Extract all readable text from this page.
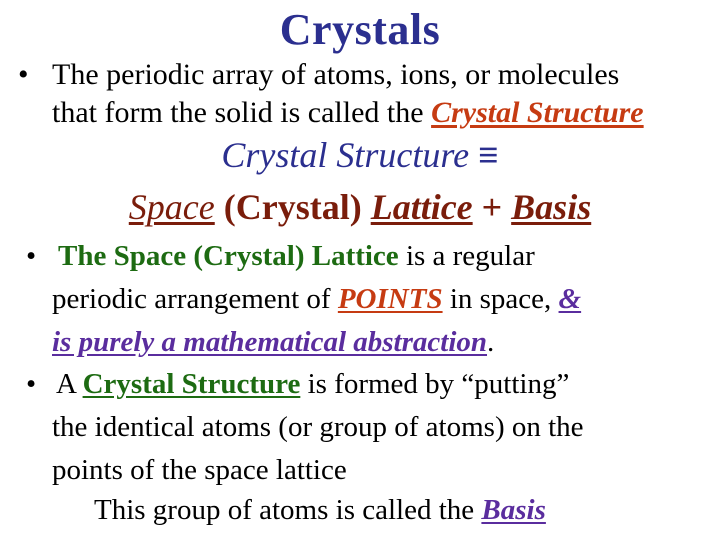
Crystals
• The periodic array of atoms, ions, or molecules
that form the solid is called the Crystal Structure
Crystal Structure ≡
Space (Crystal) Lattice + Basis
• The Space (Crystal) Lattice is a regular
periodic arrangement of POINTS in space, &
is purely a mathematical abstraction.
• A Crystal Structure is formed by “putting”
the identical atoms (or group of atoms) on the
points of the space lattice
This group of atoms is called the Basis
